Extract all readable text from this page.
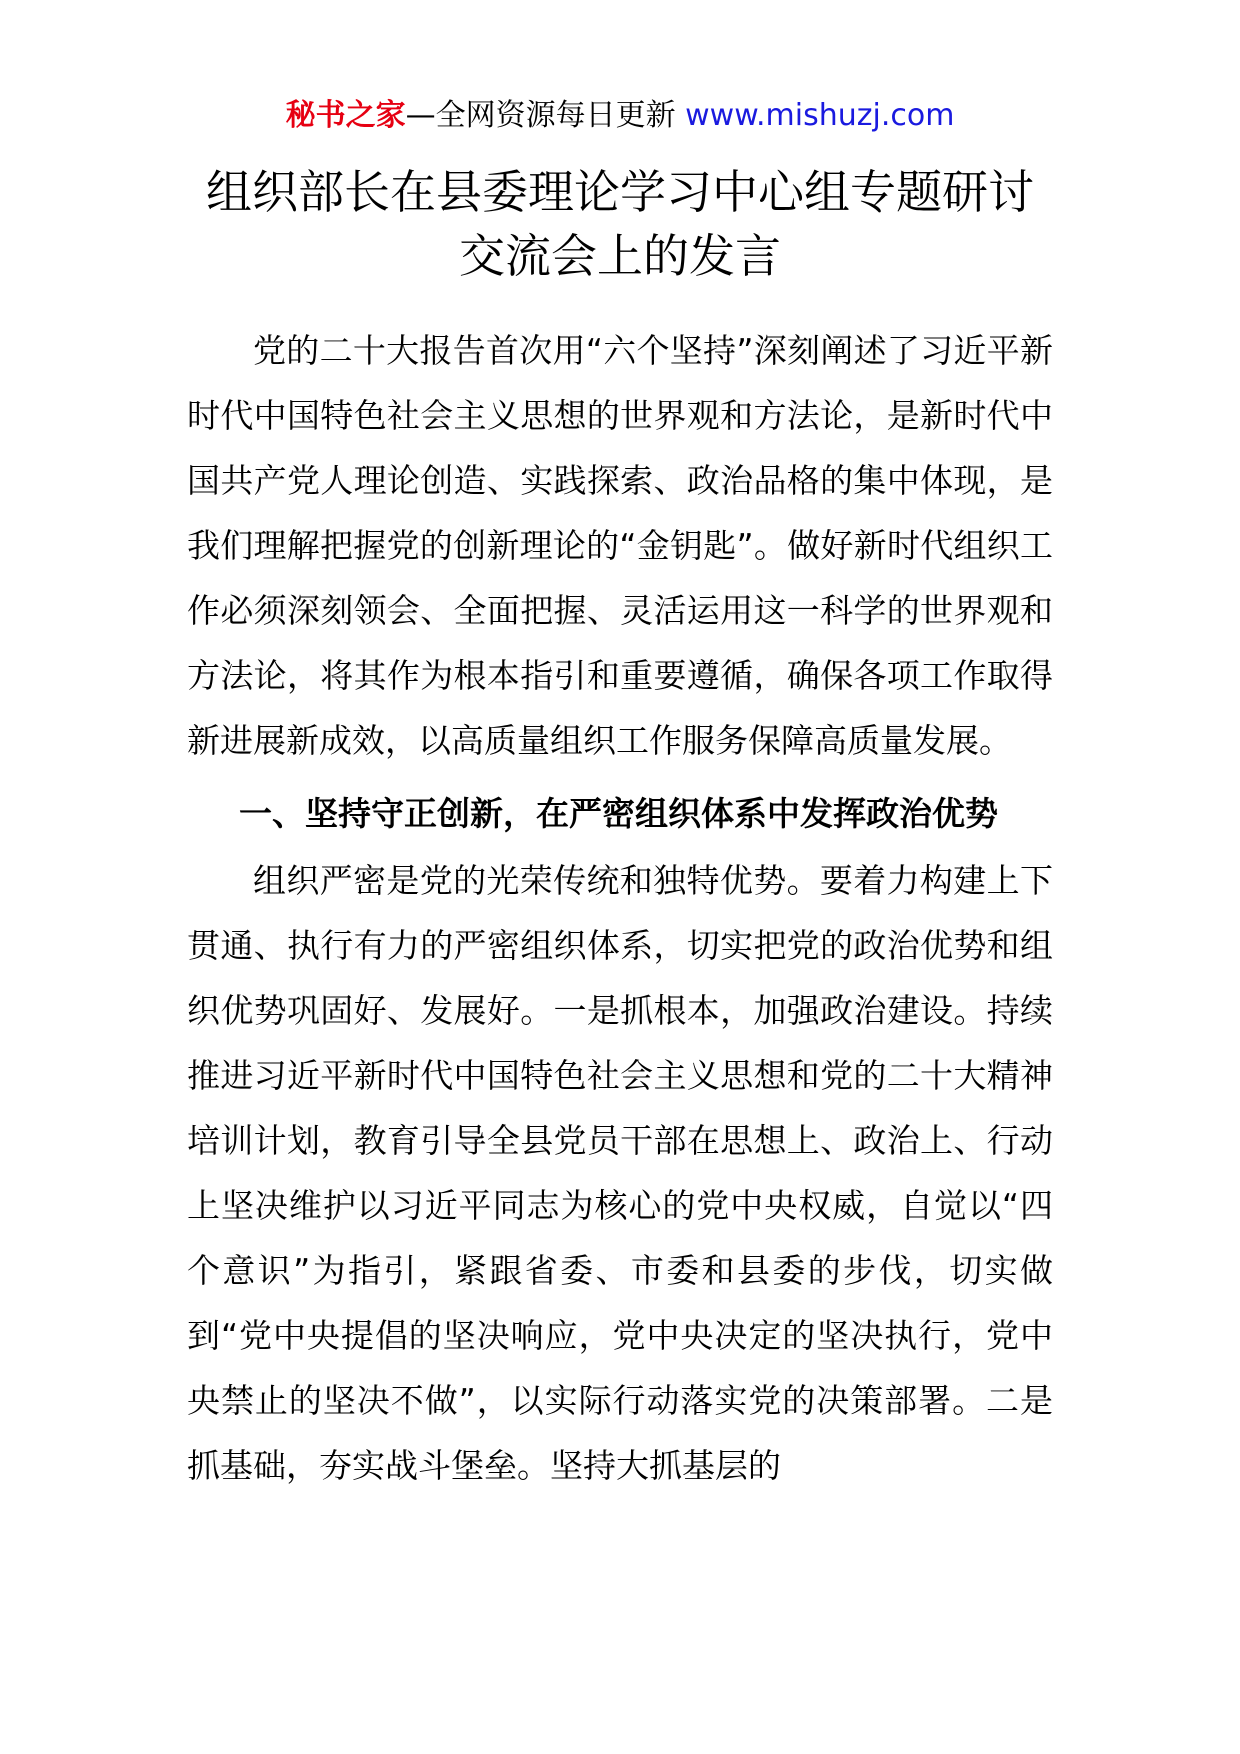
秘书之家—全网资源每日更新 www.mishuzj.com
组织部长在县委理论学习中心组专题研讨
交流会上的发言

党的二十大报告首次用“六个坚持”深刻阐述了习近平新时代中国特色社会主义思想的世界观和方法论，是新时代中国共产党人理论创造、实践探索、政治品格的集中体现，是我们理解把握党的创新理论的“金钥匙”。做好新时代组织工作必须深刻领会、全面把握、灵活运用这一科学的世界观和方法论，将其作为根本指引和重要遵循，确保各项工作取得新进展新成效，以高质量组织工作服务保障高质量发展。

一、坚持守正创新，在严密组织体系中发挥政治优势

组织严密是党的光荣传统和独特优势。要着力构建上下贯通、执行有力的严密组织体系，切实把党的政治优势和组织优势巩固好、发展好。一是抓根本，加强政治建设。持续推进习近平新时代中国特色社会主义思想和党的二十大精神培训计划，教育引导全县党员干部在思想上、政治上、行动上坚决维护以习近平同志为核心的党中央权威，自觉以“四个意识”为指引，紧跟省委、市委和县委的步伐，切实做到“党中央提倡的坚决响应，党中央决定的坚决执行，党中央禁止的坚决不做”，以实际行动落实党的决策部署。二是抓基础，夯实战斗堡垒。坚持大抓基层的
